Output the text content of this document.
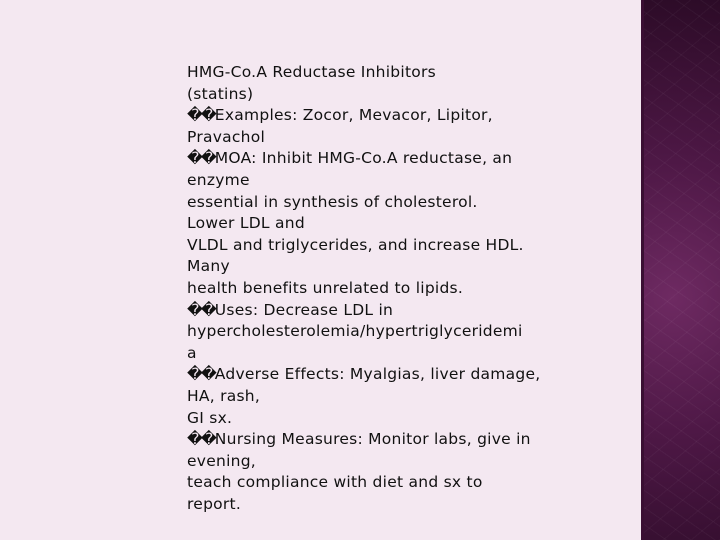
HMG-Co.A Reductase Inhibitors
(statins)
��Examples: Zocor, Mevacor, Lipitor,
Pravachol
��MOA: Inhibit HMG-Co.A reductase, an
enzyme
essential in synthesis of cholesterol.
Lower LDL and
VLDL and triglycerides, and increase HDL.
Many
health benefits unrelated to lipids.
��Uses: Decrease LDL in
hypercholesterolemia/hypertriglyceridemi
a
��Adverse Effects: Myalgias, liver damage,
HA, rash,
GI sx.
��Nursing Measures: Monitor labs, give in
evening,
teach compliance with diet and sx to
report.
